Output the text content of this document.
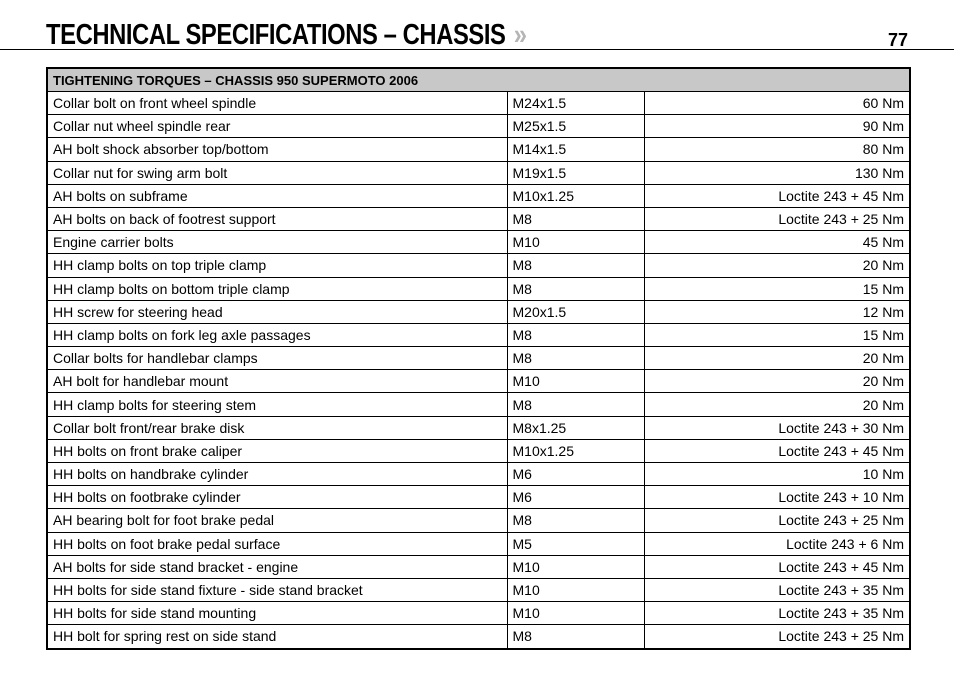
TECHNICAL SPECIFICATIONS – CHASSIS »	77
TIGHTENING TORQUES – CHASSIS 950 SUPERMOTO 2006		
Collar bolt on front wheel spindle	M24x1.5	60 Nm
Collar nut wheel spindle rear	M25x1.5	90 Nm
AH bolt shock absorber top/bottom	M14x1.5	80 Nm
Collar nut for swing arm bolt	M19x1.5	130 Nm
AH bolts on subframe	M10x1.25	Loctite 243 + 45 Nm
AH bolts on back of footrest support	M8	Loctite 243 + 25 Nm
Engine carrier bolts	M10	45 Nm
HH clamp bolts on top triple clamp	M8	20 Nm
HH clamp bolts on bottom triple clamp	M8	15 Nm
HH screw for steering head	M20x1.5	12 Nm
HH clamp bolts on fork leg axle passages	M8	15 Nm
Collar bolts for handlebar clamps	M8	20 Nm
AH bolt for handlebar mount	M10	20 Nm
HH clamp bolts for steering stem	M8	20 Nm
Collar bolt front/rear brake disk	M8x1.25	Loctite 243 + 30 Nm
HH bolts on front brake caliper	M10x1.25	Loctite 243 + 45 Nm
HH bolts on handbrake cylinder	M6	10 Nm
HH bolts on footbrake cylinder	M6	Loctite 243 + 10 Nm
AH bearing bolt for foot brake pedal	M8	Loctite 243 + 25 Nm
HH bolts on foot brake pedal surface	M5	Loctite 243 + 6 Nm
AH bolts for side stand bracket - engine	M10	Loctite 243 + 45 Nm
HH bolts for side stand fixture - side stand bracket	M10	Loctite 243 + 35 Nm
HH bolts for side stand mounting	M10	Loctite 243 + 35 Nm
HH bolt for spring rest on side stand	M8	Loctite 243 + 25 Nm
